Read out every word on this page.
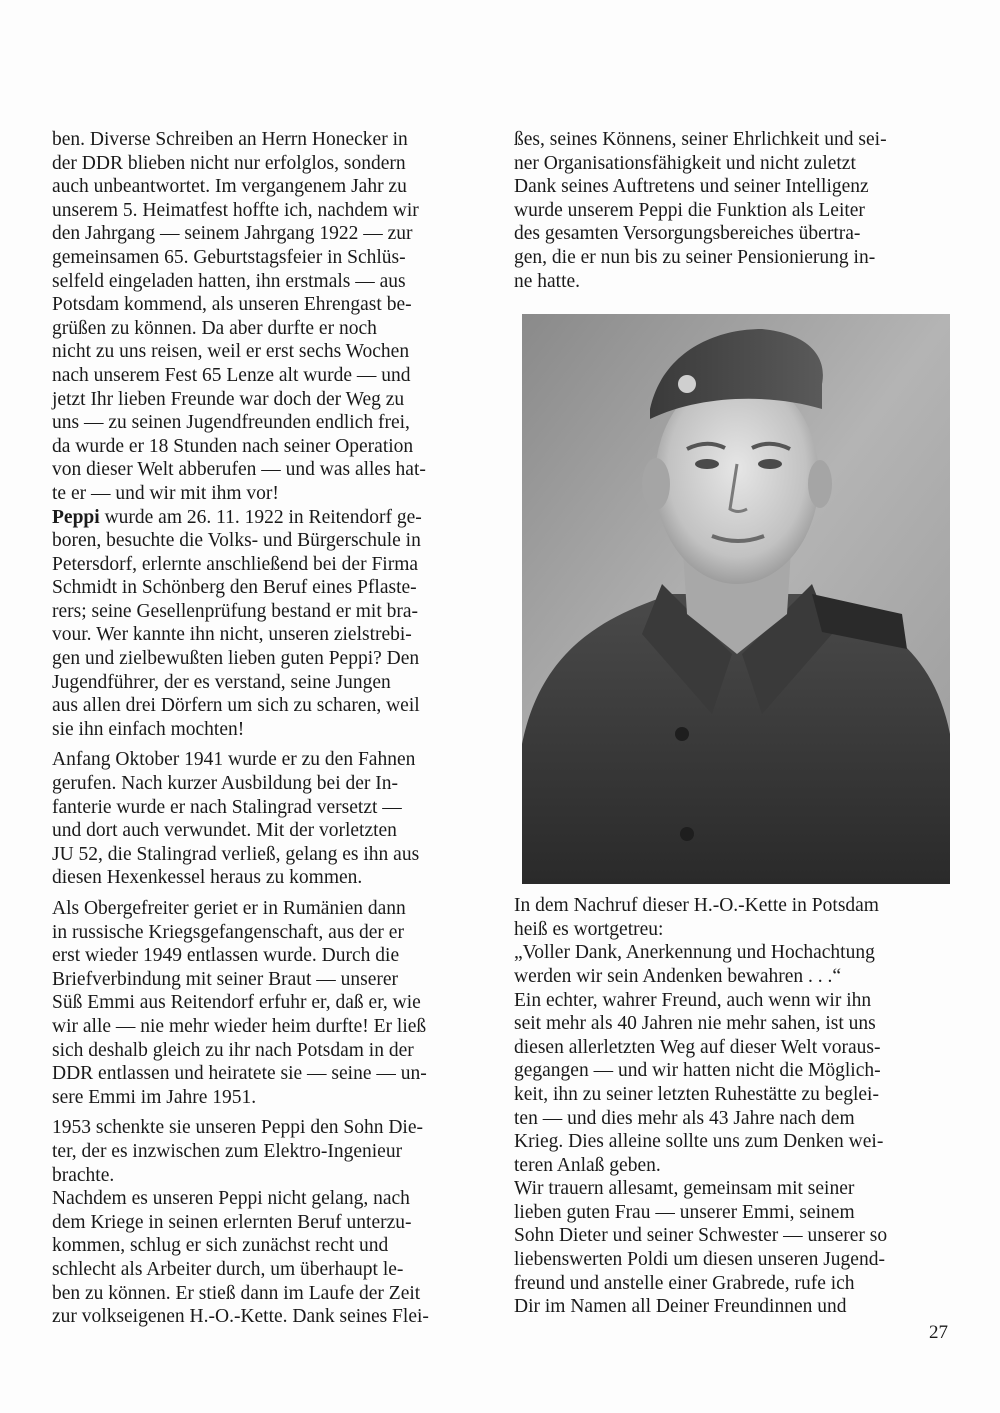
ben. Diverse Schreiben an Herrn Honecker in
der DDR blieben nicht nur erfolglos, sondern
auch unbeantwortet. Im vergangenem Jahr zu
unserem 5. Heimatfest hoffte ich, nachdem wir
den Jahrgang — seinem Jahrgang 1922 — zur
gemeinsamen 65. Geburtstagsfeier in Schlüs-
selfeld eingeladen hatten, ihn erstmals — aus
Potsdam kommend, als unseren Ehrengast be-
grüßen zu können. Da aber durfte er noch
nicht zu uns reisen, weil er erst sechs Wochen
nach unserem Fest 65 Lenze alt wurde — und
jetzt Ihr lieben Freunde war doch der Weg zu
uns — zu seinen Jugendfreunden endlich frei,
da wurde er 18 Stunden nach seiner Operation
von dieser Welt abberufen — und was alles hat-
te er — und wir mit ihm vor!

Peppi wurde am 26. 11. 1922 in Reitendorf ge-
boren, besuchte die Volks- und Bürgerschule in
Petersdorf, erlernte anschließend bei der Firma
Schmidt in Schönberg den Beruf eines Pflaste-
rers; seine Gesellenprüfung bestand er mit bra-
vour. Wer kannte ihn nicht, unseren zielstrebi-
gen und zielbewußten lieben guten Peppi? Den
Jugendführer, der es verstand, seine Jungen
aus allen drei Dörfern um sich zu scharen, weil
sie ihn einfach mochten!

Anfang Oktober 1941 wurde er zu den Fahnen
gerufen. Nach kurzer Ausbildung bei der In-
fanterie wurde er nach Stalingrad versetzt —
und dort auch verwundet. Mit der vorletzten
JU 52, die Stalingrad verließ, gelang es ihn aus
diesen Hexenkessel heraus zu kommen.

Als Obergefreiter geriet er in Rumänien dann
in russische Kriegsgefangenschaft, aus der er
erst wieder 1949 entlassen wurde. Durch die
Briefverbindung mit seiner Braut — unserer
Süß Emmi aus Reitendorf erfuhr er, daß er, wie
wir alle — nie mehr wieder heim durfte! Er ließ
sich deshalb gleich zu ihr nach Potsdam in der
DDR entlassen und heiratete sie — seine — un-
sere Emmi im Jahre 1951.

1953 schenkte sie unseren Peppi den Sohn Die-
ter, der es inzwischen zum Elektro-Ingenieur
brachte.
Nachdem es unseren Peppi nicht gelang, nach
dem Kriege in seinen erlernten Beruf unterzu-
kommen, schlug er sich zunächst recht und
schlecht als Arbeiter durch, um überhaupt le-
ben zu können. Er stieß dann im Laufe der Zeit
zur volkseigenen H.-O.-Kette. Dank seines Flei-

ßes, seines Könnens, seiner Ehrlichkeit und sei-
ner Organisationsfähigkeit und nicht zuletzt
Dank seines Auftretens und seiner Intelligenz
wurde unserem Peppi die Funktion als Leiter
des gesamten Versorgungsbereiches übertra-
gen, die er nun bis zu seiner Pensionierung in-
ne hatte.

In dem Nachruf dieser H.-O.-Kette in Potsdam
heiß es wortgetreu:
„Voller Dank, Anerkennung und Hochachtung
werden wir sein Andenken bewahren . . .“
Ein echter, wahrer Freund, auch wenn wir ihn
seit mehr als 40 Jahren nie mehr sahen, ist uns
diesen allerletzten Weg auf dieser Welt voraus-
gegangen — und wir hatten nicht die Möglich-
keit, ihn zu seiner letzten Ruhestätte zu beglei-
ten — und dies mehr als 43 Jahre nach dem
Krieg. Dies alleine sollte uns zum Denken wei-
teren Anlaß geben.
Wir trauern allesamt, gemeinsam mit seiner
lieben guten Frau — unserer Emmi, seinem
Sohn Dieter und seiner Schwester — unserer so
liebenswerten Poldi um diesen unseren Jugend-
freund und anstelle einer Grabrede, rufe ich
Dir im Namen all Deiner Freundinnen und

27
